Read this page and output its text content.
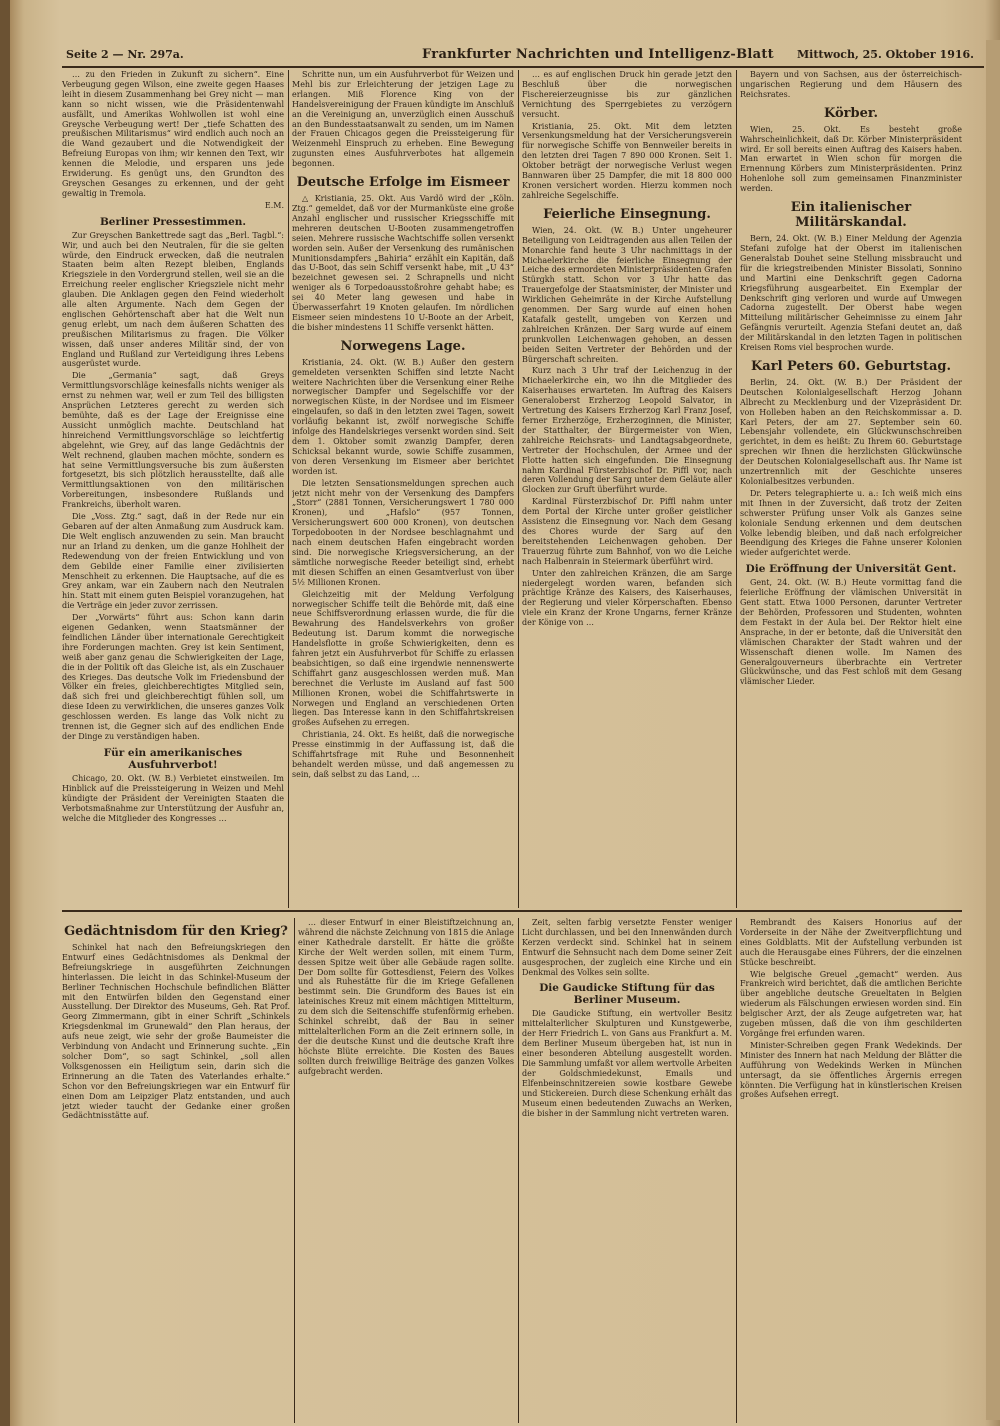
Seite 2 — Nr. 297a.	Frankfurter Nachrichten und Intelligenz-Blatt Mittwoch, 25. Oktober 1916.

… zu den Frieden in Zukunft zu sichern“. Eine Verbeugung gegen Wilson, eine zweite gegen Haases leiht in diesem Zusammenhang bei Grey nicht — man kann so nicht wissen, wie die Präsidentenwahl ausfällt, und Amerikas Wohlwollen ist wohl eine Greysche Verbeugung wert! Der „tiefe Schatten des preußischen Militarismus“ wird endlich auch noch an die Wand gezaubert und die Notwendigkeit der Befreiung Europas von ihm; wir kennen den Text, wir kennen die Melodie, und ersparen uns jede Erwiderung. Es genügt uns, den Grundton des Greyschen Gesanges zu erkennen, und der geht gewaltig in Tremola.

E.M.
Berliner Pressestimmen.

Zur Greyschen Bankettrede sagt das „Berl. Tagbl.“: Wir, und auch bei den Neutralen, für die sie gelten würde, den Eindruck erwecken, daß die neutralen Staaten beim alten Rezept bleiben, Englands Kriegsziele in den Vordergrund stellen, weil sie an die Erreichung reeler englischer Kriegsziele nicht mehr glauben. Die Anklagen gegen den Feind wiederholt alle alten Argumente. Nach dem Gegen der englischen Gehörtenschaft aber hat die Welt nun genug erlebt, um nach dem äußeren Schatten des preußischen Militarismus zu fragen. Die Völker wissen, daß unser anderes Militär sind, der von England und Rußland zur Verteidigung ihres Lebens ausgerüstet wurde.

Die „Germania“ sagt, daß Greys Vermittlungsvorschläge keinesfalls nichts weniger als ernst zu nehmen war, weil er zum Teil des billigsten Ansprüchen Letzteres gerecht zu werden sich bemühte, daß es der Lage der Ereignisse eine Aussicht unmöglich machte. Deutschland hat hinreichend Vermittlungsvorschläge so leichtfertig abgelehnt, wie Grey, auf das lange Gedächtnis der Welt rechnend, glauben machen möchte, sondern es hat seine Vermittlungsversuche bis zum äußersten fortgesetzt, bis sich plötzlich herausstellte, daß alle Vermittlungsaktionen von den militärischen Vorbereitungen, insbesondere Rußlands und Frankreichs, überholt waren.

Die „Voss. Ztg.“ sagt, daß in der Rede nur ein Gebaren auf der alten Anmaßung zum Ausdruck kam. Die Welt englisch anzuwenden zu sein. Man braucht nur an Irland zu denken, um die ganze Hohlheit der Redewendung von der freien Entwicklung und von dem Gebilde einer Familie einer zivilisierten Menschheit zu erkennen. Die Hauptsache, auf die es Grey ankam, war ein Zaubern nach den Neutralen hin. Statt mit einem guten Beispiel voranzugehen, hat die Verträge ein jeder zuvor zerrissen.

Der „Vorwärts“ führt aus: Schon kann darin eigenen Gedanken, wenn Staatsmänner der feindlichen Länder über internationale Gerechtigkeit ihre Forderungen machten. Grey ist kein Sentiment, weiß aber ganz genau die Schwierigkeiten der Lage, die in der Politik oft das Gleiche ist, als ein Zuschauer des Krieges. Das deutsche Volk im Friedensbund der Völker ein freies, gleichberechtigtes Mitglied sein, daß sich frei und gleichberechtigt fühlen soll, um diese Ideen zu verwirklichen, die unseres ganzes Volk geschlossen werden. Es lange das Volk nicht zu trennen ist, die Gegner sich auf des endlichen Ende der Dinge zu verständigen haben.

Für ein amerikanisches Ausfuhrverbot!

Chicago, 20. Okt. (W. B.) Verbietet einstweilen. Im Hinblick auf die Preissteigerung in Weizen und Mehl kündigte der Präsident der Vereinigten Staaten die Verbotsmaßnahme zur Unterstützung der Ausfuhr an, welche die Mitglieder des Kongresses …

Schritte nun, um ein Ausfuhrverbot für Weizen und Mehl bis zur Erleichterung der jetzigen Lage zu erlangen. Miß Florence King von der Handelsvereinigung der Frauen kündigte im Anschluß an die Vereinigung an, unverzüglich einen Ausschuß an den Bundesstaatsanwalt zu senden, um im Namen der Frauen Chicagos gegen die Preissteigerung für Weizenmehl Einspruch zu erheben. Eine Bewegung zugunsten eines Ausfuhrverbotes hat allgemein begonnen.

Deutsche Erfolge im Eismeer

△ Kristiania, 25. Okt. Aus Vardö wird der „Köln. Ztg.“ gemeldet, daß vor der Murmanküste eine große Anzahl englischer und russischer Kriegsschiffe mit mehreren deutschen U-Booten zusammengetroffen seien. Mehrere russische Wachtschiffe sollen versenkt worden sein. Außer der Versenkung des rumänischen Munitionsdampfers „Bahiria“ erzählt ein Kapitän, daß das U-Boot, das sein Schiff versenkt habe, mit „U 43“ bezeichnet gewesen sei. 2 Schrapnells und nicht weniger als 6 Torpedoausstoßrohre gehabt habe; es sei 40 Meter lang gewesen und habe in Überwasserfahrt 19 Knoten gelaufen. Im nördlichen Eismeer seien mindestens 10 U-Boote an der Arbeit, die bisher mindestens 11 Schiffe versenkt hätten.

Norwegens Lage.

Kristiania, 24. Okt. (W. B.) Außer den gestern gemeldeten versenkten Schiffen sind letzte Nacht weitere Nachrichten über die Versenkung einer Reihe norwegischer Dampfer und Segelschiffe vor der norwegischen Küste, in der Nordsee und im Eismeer eingelaufen, so daß in den letzten zwei Tagen, soweit vorläufig bekannt ist, zwölf norwegische Schiffe infolge des Handelskrieges versenkt worden sind. Seit dem 1. Oktober somit zwanzig Dampfer, deren Schicksal bekannt wurde, sowie Schiffe zusammen, von deren Versenkung im Eismeer aber berichtet worden ist.

Die letzten Sensationsmeldungen sprechen auch jetzt nicht mehr von der Versenkung des Dampfers „Storr“ (2881 Tonnen, Versicherungswert 1 780 000 Kronen), und „Hafslo“ (957 Tonnen, Versicherungswert 600 000 Kronen), von deutschen Torpedobooten in der Nordsee beschlagnahmt und nach einem deutschen Hafen eingebracht worden sind. Die norwegische Kriegsversicherung, an der sämtliche norwegische Reeder beteiligt sind, erhebt mit diesen Schiffen an einen Gesamtverlust von über 5½ Millionen Kronen.

Gleichzeitig mit der Meldung Verfolgung norwegischer Schiffe teilt die Behörde mit, daß eine neue Schiffsverordnung erlassen wurde, die für die Bewahrung des Handelsverkehrs von großer Bedeutung ist. Darum kommt die norwegische Handelsflotte in große Schwierigkeiten, denn es fahren jetzt ein Ausfuhrverbot für Schiffe zu erlassen beabsichtigen, so daß eine irgendwie nennenswerte Schiffahrt ganz ausgeschlossen werden muß. Man berechnet die Verluste im Ausland auf fast 500 Millionen Kronen, wobei die Schiffahrtswerte in Norwegen und England an verschiedenen Orten liegen. Das Interesse kann in den Schiffahrtskreisen großes Aufsehen zu erregen.

Christiania, 24. Okt. Es heißt, daß die norwegische Presse einstimmig in der Auffassung ist, daß die Schiffahrtsfrage mit Ruhe und Besonnenheit behandelt werden müsse, und daß angemessen zu sein, daß selbst zu das Land, …

… es auf englischen Druck hin gerade jetzt den Beschluß über die norwegischen Fischereierzeugnisse bis zur gänzlichen Vernichtung des Sperrgebietes zu verzögern versucht.

Kristiania, 25. Okt. Mit dem letzten Versenkungsmeldung hat der Versicherungsverein für norwegische Schiffe von Bennweiler bereits in den letzten drei Tagen 7 890 000 Kronen. Seit 1. Oktober beträgt der norwegische Verlust wegen Bannwaren über 25 Dampfer, die mit 18 800 000 Kronen versichert worden. Hierzu kommen noch zahlreiche Segelschiffe.

Feierliche Einsegnung.

Wien, 24. Okt. (W. B.) Unter ungeheurer Beteiligung von Leidtragenden aus allen Teilen der Monarchie fand heute 3 Uhr nachmittags in der Michaelerkirche die feierliche Einsegnung der Leiche des ermordeten Ministerpräsidenten Grafen Stürgkh statt. Schon vor 3 Uhr hatte das Trauergefolge der Staatsminister, der Minister und Wirklichen Geheimräte in der Kirche Aufstellung genommen. Der Sarg wurde auf einen hohen Katafalk gestellt, umgeben von Kerzen und zahlreichen Kränzen. Der Sarg wurde auf einem prunkvollen Leichenwagen gehoben, an dessen beiden Seiten Vertreter der Behörden und der Bürgerschaft schreiten.

Kurz nach 3 Uhr traf der Leichenzug in der Michaelerkirche ein, wo ihn die Mitglieder des Kaiserhauses erwarteten. Im Auftrag des Kaisers Generaloberst Erzherzog Leopold Salvator, in Vertretung des Kaisers Erzherzog Karl Franz Josef, ferner Erzherzöge, Erzherzoginnen, die Minister, der Statthalter, der Bürgermeister von Wien, zahlreiche Reichsrats- und Landtagsabgeordnete, Vertreter der Hochschulen, der Armee und der Flotte hatten sich eingefunden. Die Einsegnung nahm Kardinal Fürsterzbischof Dr. Piffl vor, nach deren Vollendung der Sarg unter dem Geläute aller Glocken zur Gruft überführt wurde.

Kardinal Fürsterzbischof Dr. Piffl nahm unter dem Portal der Kirche unter großer geistlicher Assistenz die Einsegnung vor. Nach dem Gesang des Chores wurde der Sarg auf den bereitstehenden Leichenwagen gehoben. Der Trauerzug führte zum Bahnhof, von wo die Leiche nach Halbenrain in Steiermark überführt wird.

Unter den zahlreichen Kränzen, die am Sarge niedergelegt worden waren, befanden sich prächtige Kränze des Kaisers, des Kaiserhauses, der Regierung und vieler Körperschaften. Ebenso viele ein Kranz der Krone Ungarns, ferner Kränze der Könige von …

Bayern und von Sachsen, aus der österreichisch-ungarischen Regierung und dem Häusern des Reichsrates.

Körber.

Wien, 25. Okt. Es besteht große Wahrscheinlichkeit, daß Dr. Körber Ministerpräsident wird. Er soll bereits einen Auftrag des Kaisers haben. Man erwartet in Wien schon für morgen die Ernennung Körbers zum Ministerpräsidenten. Prinz Hohenlohe soll zum gemeinsamen Finanzminister werden.

Ein italienischer Militärskandal.

Bern, 24. Okt. (W. B.) Einer Meldung der Agenzia Stefani zufolge hat der Oberst im italienischen Generalstab Douhet seine Stellung missbraucht und für die kriegstreibenden Minister Bissolati, Sonnino und Martini eine Denkschrift gegen Cadorna Kriegsführung ausgearbeitet. Ein Exemplar der Denkschrift ging verloren und wurde auf Umwegen Cadorna zugestellt. Der Oberst habe wegen Mitteilung militärischer Geheimnisse zu einem Jahr Gefängnis verurteilt. Agenzia Stefani deutet an, daß der Militärskandal in den letzten Tagen in politischen Kreisen Roms viel besprochen wurde.

Karl Peters 60. Geburtstag.

Berlin, 24. Okt. (W. B.) Der Präsident der Deutschen Kolonialgesellschaft Herzog Johann Albrecht zu Mecklenburg und der Vizepräsident Dr. von Holleben haben an den Reichskommissar a. D. Karl Peters, der am 27. September sein 60. Lebensjahr vollendete, ein Glückwunschschreiben gerichtet, in dem es heißt: Zu Ihrem 60. Geburtstage sprechen wir Ihnen die herzlichsten Glückwünsche der Deutschen Kolonialgesellschaft aus. Ihr Name ist unzertrennlich mit der Geschichte unseres Kolonialbesitzes verbunden.

Dr. Peters telegraphierte u. a.: Ich weiß mich eins mit Ihnen in der Zuversicht, daß trotz der Zeiten schwerster Prüfung unser Volk als Ganzes seine koloniale Sendung erkennen und dem deutschen Volke lebendig bleiben, und daß nach erfolgreicher Beendigung des Krieges die Fahne unserer Kolonien wieder aufgerichtet werde.

Die Eröffnung der Universität Gent.

Gent, 24. Okt. (W. B.) Heute vormittag fand die feierliche Eröffnung der vlämischen Universität in Gent statt. Etwa 1000 Personen, darunter Vertreter der Behörden, Professoren und Studenten, wohnten dem Festakt in der Aula bei. Der Rektor hielt eine Ansprache, in der er betonte, daß die Universität den vlämischen Charakter der Stadt wahren und der Wissenschaft dienen wolle. Im Namen des Generalgouverneurs überbrachte ein Vertreter Glückwünsche, und das Fest schloß mit dem Gesang vlämischer Lieder.

Gedächtnisdom für den Krieg?

Schinkel hat nach den Befreiungskriegen den Entwurf eines Gedächtnisdomes als Denkmal der Befreiungskriege in ausgeführten Zeichnungen hinterlassen. Die leicht in das Schinkel-Museum der Berliner Technischen Hochschule befindlichen Blätter mit den Entwürfen bilden den Gegenstand einer Ausstellung. Der Direktor des Museums, Geh. Rat Prof. Georg Zimmermann, gibt in einer Schrift „Schinkels Kriegsdenkmal im Grunewald“ den Plan heraus, der aufs neue zeigt, wie sehr der große Baumeister die Verbindung von Andacht und Erinnerung suchte. „Ein solcher Dom“, so sagt Schinkel, „soll allen Volksgenossen ein Heiligtum sein, darin sich die Erinnerung an die Taten des Vaterlandes erhalte.“ Schon vor den Befreiungskriegen war ein Entwurf für einen Dom am Leipziger Platz entstanden, und auch jetzt wieder taucht der Gedanke einer großen Gedächtnisstätte auf.

… dieser Entwurf in einer Bleistiftzeichnung an, während die nächste Zeichnung von 1815 die Anlage einer Kathedrale darstellt. Er hätte die größte Kirche der Welt werden sollen, mit einem Turm, dessen Spitze weit über alle Gebäude ragen sollte. Der Dom sollte für Gottesdienst, Feiern des Volkes und als Ruhestätte für die im Kriege Gefallenen bestimmt sein. Die Grundform des Baues ist ein lateinisches Kreuz mit einem mächtigen Mittelturm, zu dem sich die Seitenschiffe stufenförmig erheben. Schinkel schreibt, daß der Bau in seiner mittelalterlichen Form an die Zeit erinnern solle, in der die deutsche Kunst und die deutsche Kraft ihre höchste Blüte erreichte. Die Kosten des Baues sollten durch freiwillige Beiträge des ganzen Volkes aufgebracht werden.

Zeit, selten farbig versetzte Fenster weniger Licht durchlassen, und bei den Innenwänden durch Kerzen verdeckt sind. Schinkel hat in seinem Entwurf die Sehnsucht nach dem Dome seiner Zeit ausgesprochen, der zugleich eine Kirche und ein Denkmal des Volkes sein sollte.

Die Gaudicke Stiftung für das Berliner Museum.

Die Gaudicke Stiftung, ein wertvoller Besitz mittelalterlicher Skulpturen und Kunstgewerbe, der Herr Friedrich L. von Gans aus Frankfurt a. M. dem Berliner Museum übergeben hat, ist nun in einer besonderen Abteilung ausgestellt worden. Die Sammlung umfaßt vor allem wertvolle Arbeiten der Goldschmiedekunst, Emails und Elfenbeinschnitzereien sowie kostbare Gewebe und Stickereien. Durch diese Schenkung erhält das Museum einen bedeutenden Zuwachs an Werken, die bisher in der Sammlung nicht vertreten waren.

Rembrandt des Kaisers Honorius auf der Vorderseite in der Nähe der Zweitverpflichtung und eines Goldblatts. Mit der Aufstellung verbunden ist auch die Herausgabe eines Führers, der die einzelnen Stücke beschreibt.

Wie belgische Greuel „gemacht“ werden. Aus Frankreich wird berichtet, daß die amtlichen Berichte über angebliche deutsche Greueltaten in Belgien wiederum als Fälschungen erwiesen worden sind. Ein belgischer Arzt, der als Zeuge aufgetreten war, hat zugeben müssen, daß die von ihm geschilderten Vorgänge frei erfunden waren.

Minister-Schreiben gegen Frank Wedekinds. Der Minister des Innern hat nach Meldung der Blätter die Aufführung von Wedekinds Werken in München untersagt, da sie öffentliches Ärgernis erregen könnten. Die Verfügung hat in künstlerischen Kreisen großes Aufsehen erregt.
